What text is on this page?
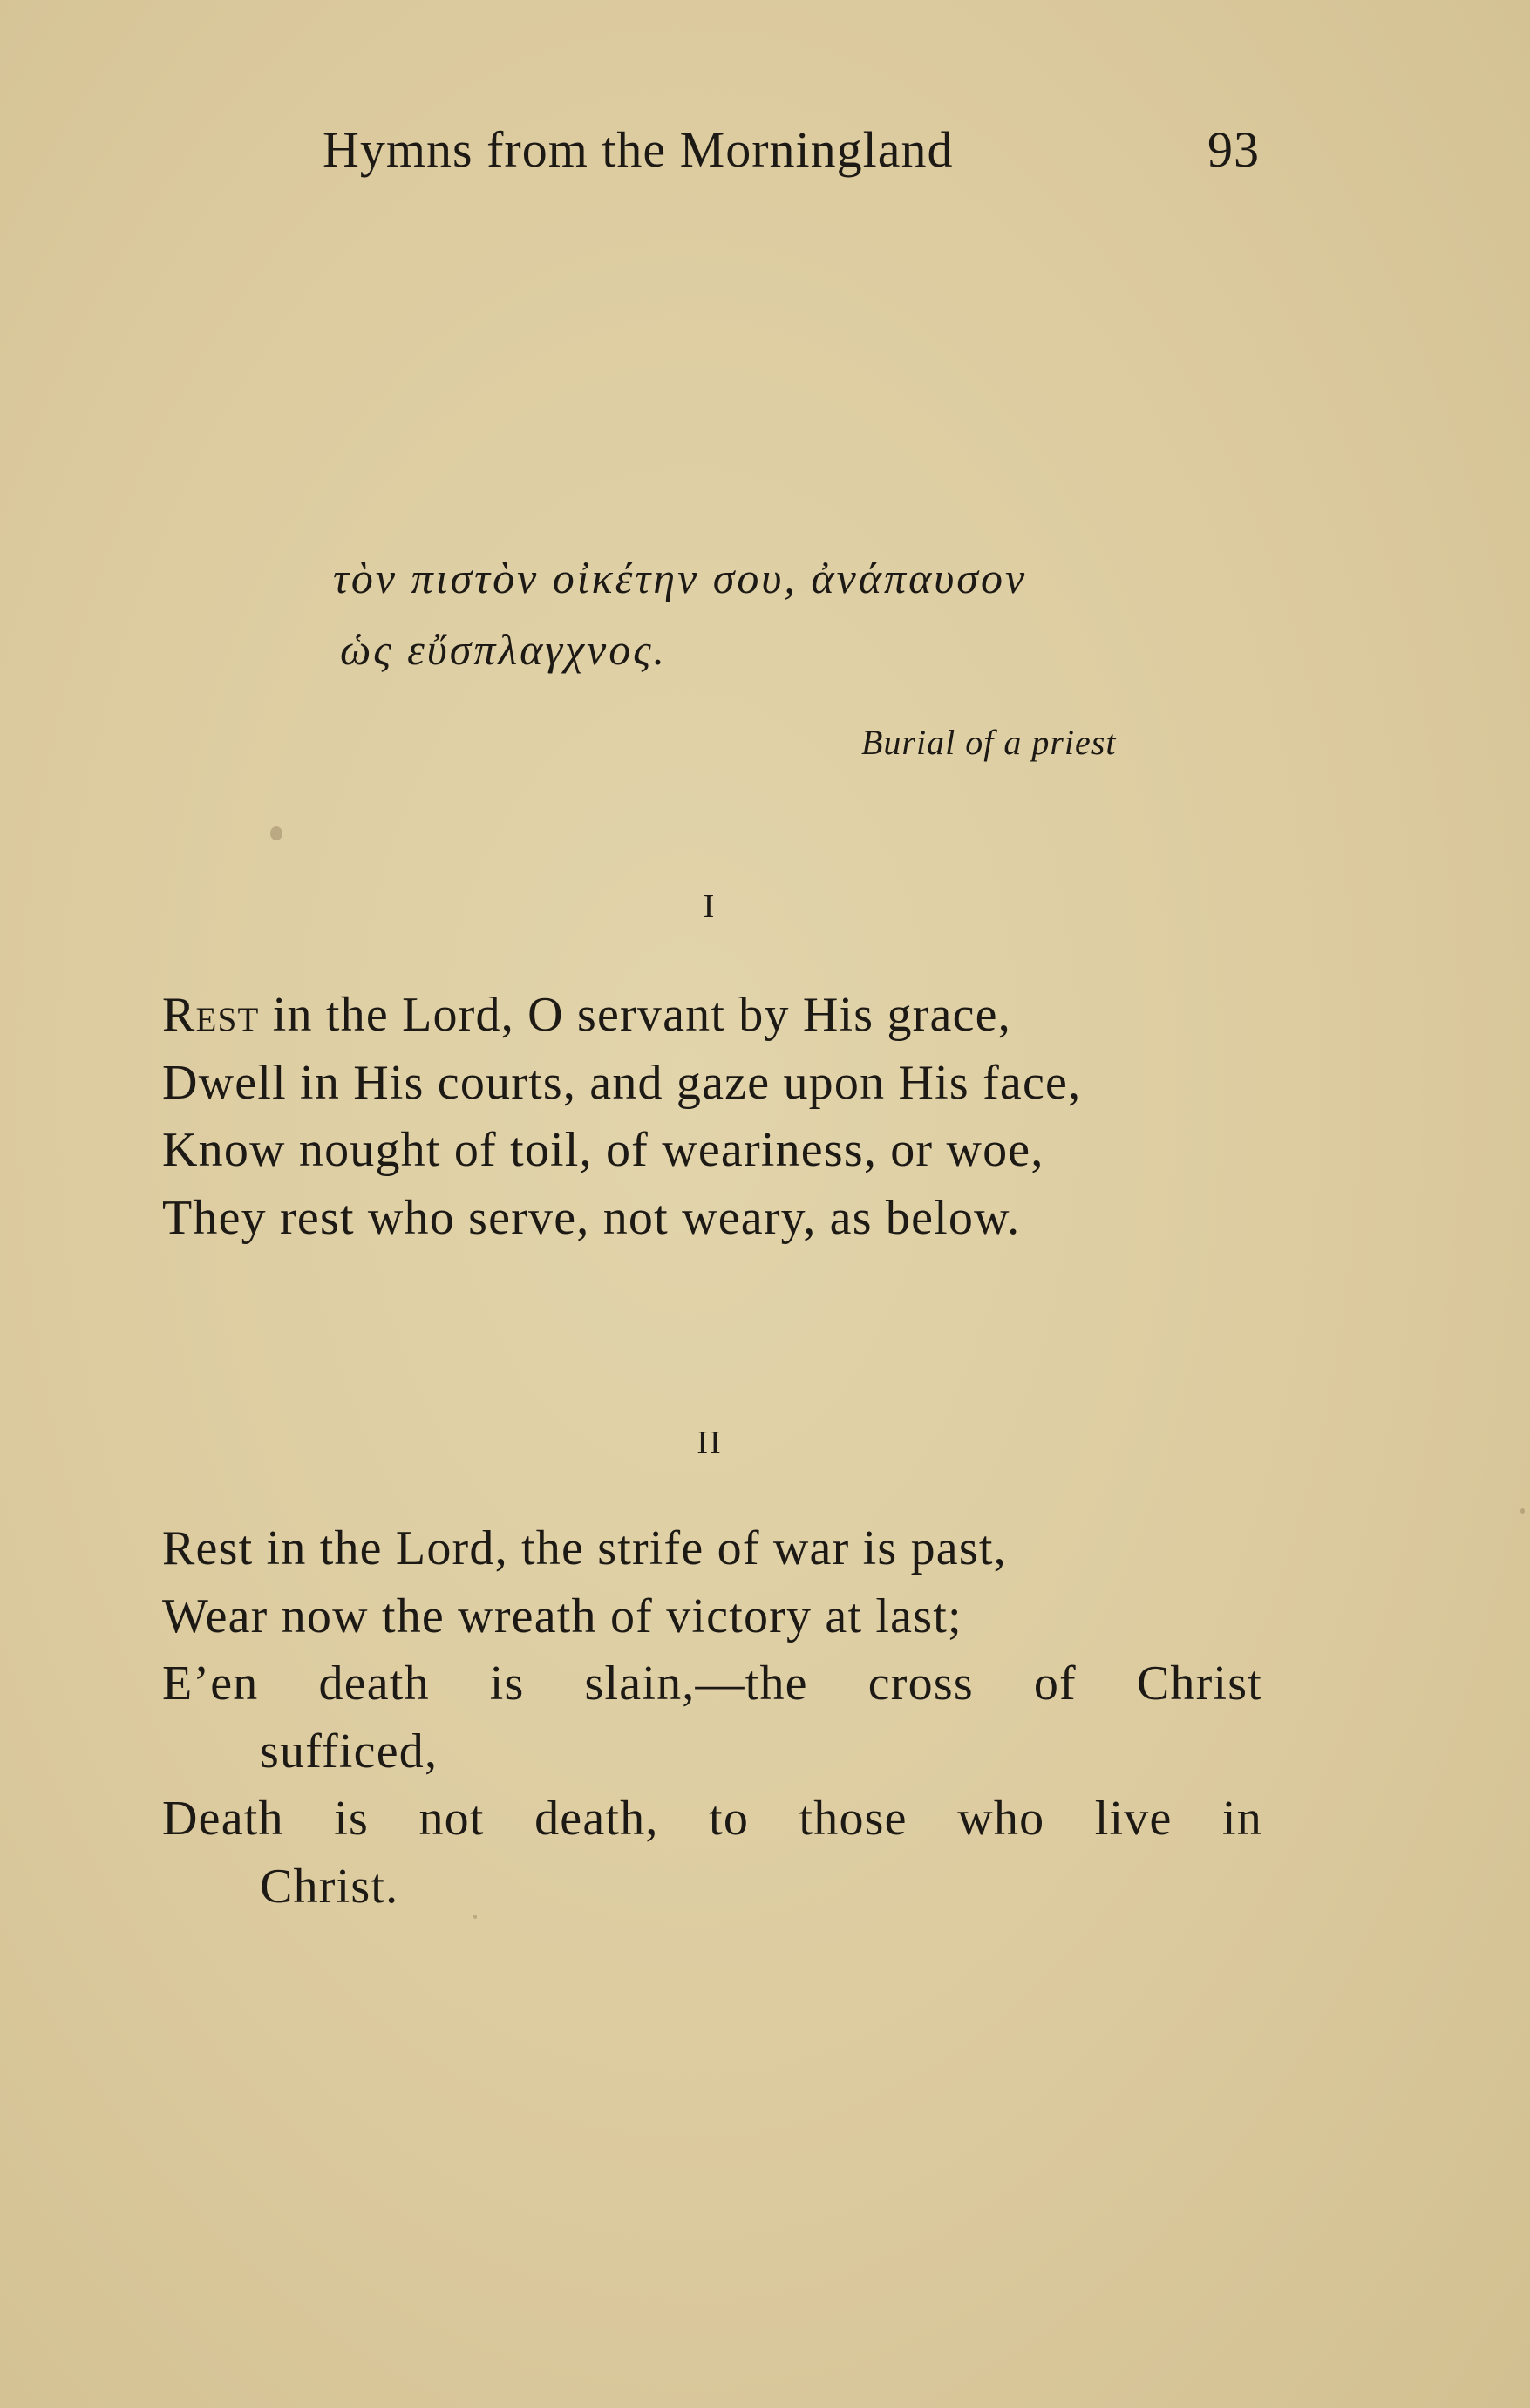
Hymns from the Morningland	93
τὸν πιστὸν οἰκέτην σου, ἀνάπαυσον
ὡς εὔσπλαγχνος.
Burial of a priest
I
Rest in the Lord, O servant by His grace,
Dwell in His courts, and gaze upon His face,
Know nought of toil, of weariness, or woe,
They rest who serve, not weary, as below.
II
Rest in the Lord, the strife of war is past,
Wear now the wreath of victory at last;
E’en death is slain,—the cross of Christ
sufficed,
Death is not death, to those who live in
Christ.
